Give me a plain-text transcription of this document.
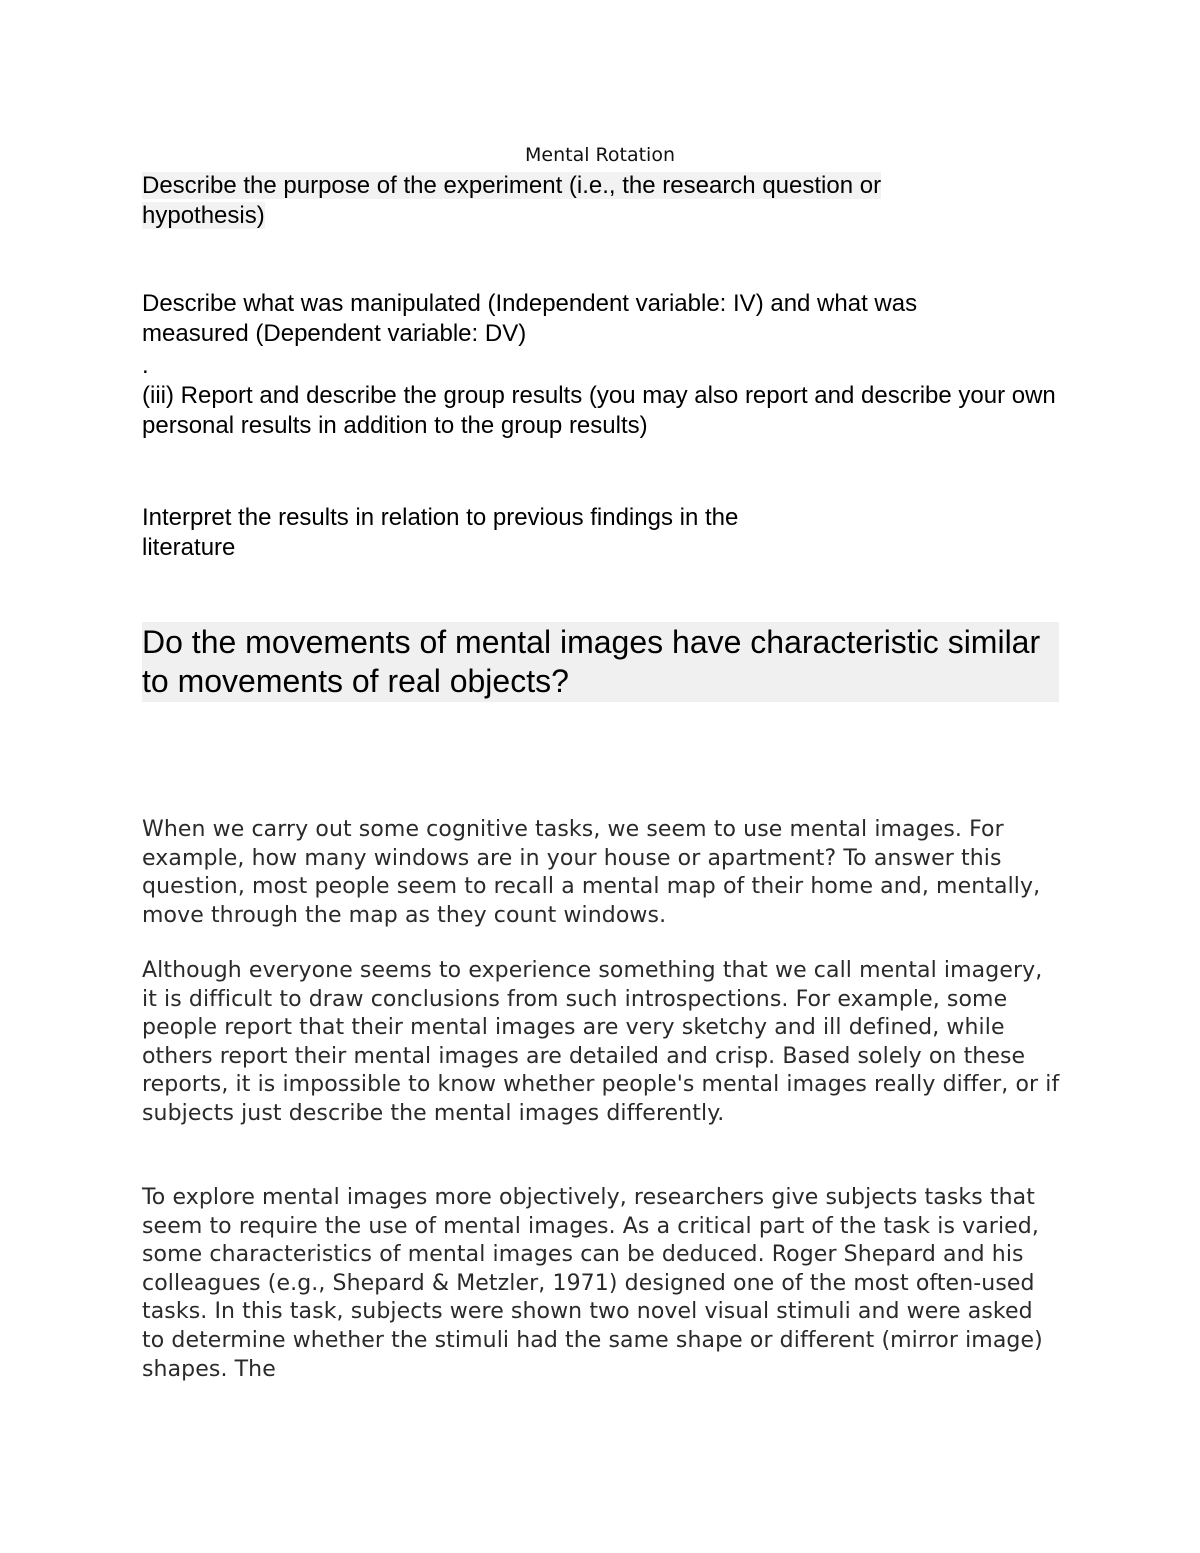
Mental Rotation

Describe the purpose of the experiment (i.e., the research question or hypothesis)

Describe what was manipulated (Independent variable: IV) and what was measured (Dependent variable: DV)

.

(iii) Report and describe the group results (you may also report and describe your own personal results in addition to the group results)

Interpret the results in relation to previous findings in the literature

Do the movements of mental images have characteristic similar to movements of real objects?

When we carry out some cognitive tasks, we seem to use mental images. For example, how many windows are in your house or apartment? To answer this question, most people seem to recall a mental map of their home and, mentally, move through the map as they count windows.

Although everyone seems to experience something that we call mental imagery, it is difficult to draw conclusions from such introspections. For example, some people report that their mental images are very sketchy and ill defined, while others report their mental images are detailed and crisp. Based solely on these reports, it is impossible to know whether people's mental images really differ, or if subjects just describe the mental images differently.

To explore mental images more objectively, researchers give subjects tasks that seem to require the use of mental images. As a critical part of the task is varied, some characteristics of mental images can be deduced. Roger Shepard and his colleagues (e.g., Shepard & Metzler, 1971) designed one of the most often-used tasks. In this task, subjects were shown two novel visual stimuli and were asked to determine whether the stimuli had the same shape or different (mirror image) shapes. The
